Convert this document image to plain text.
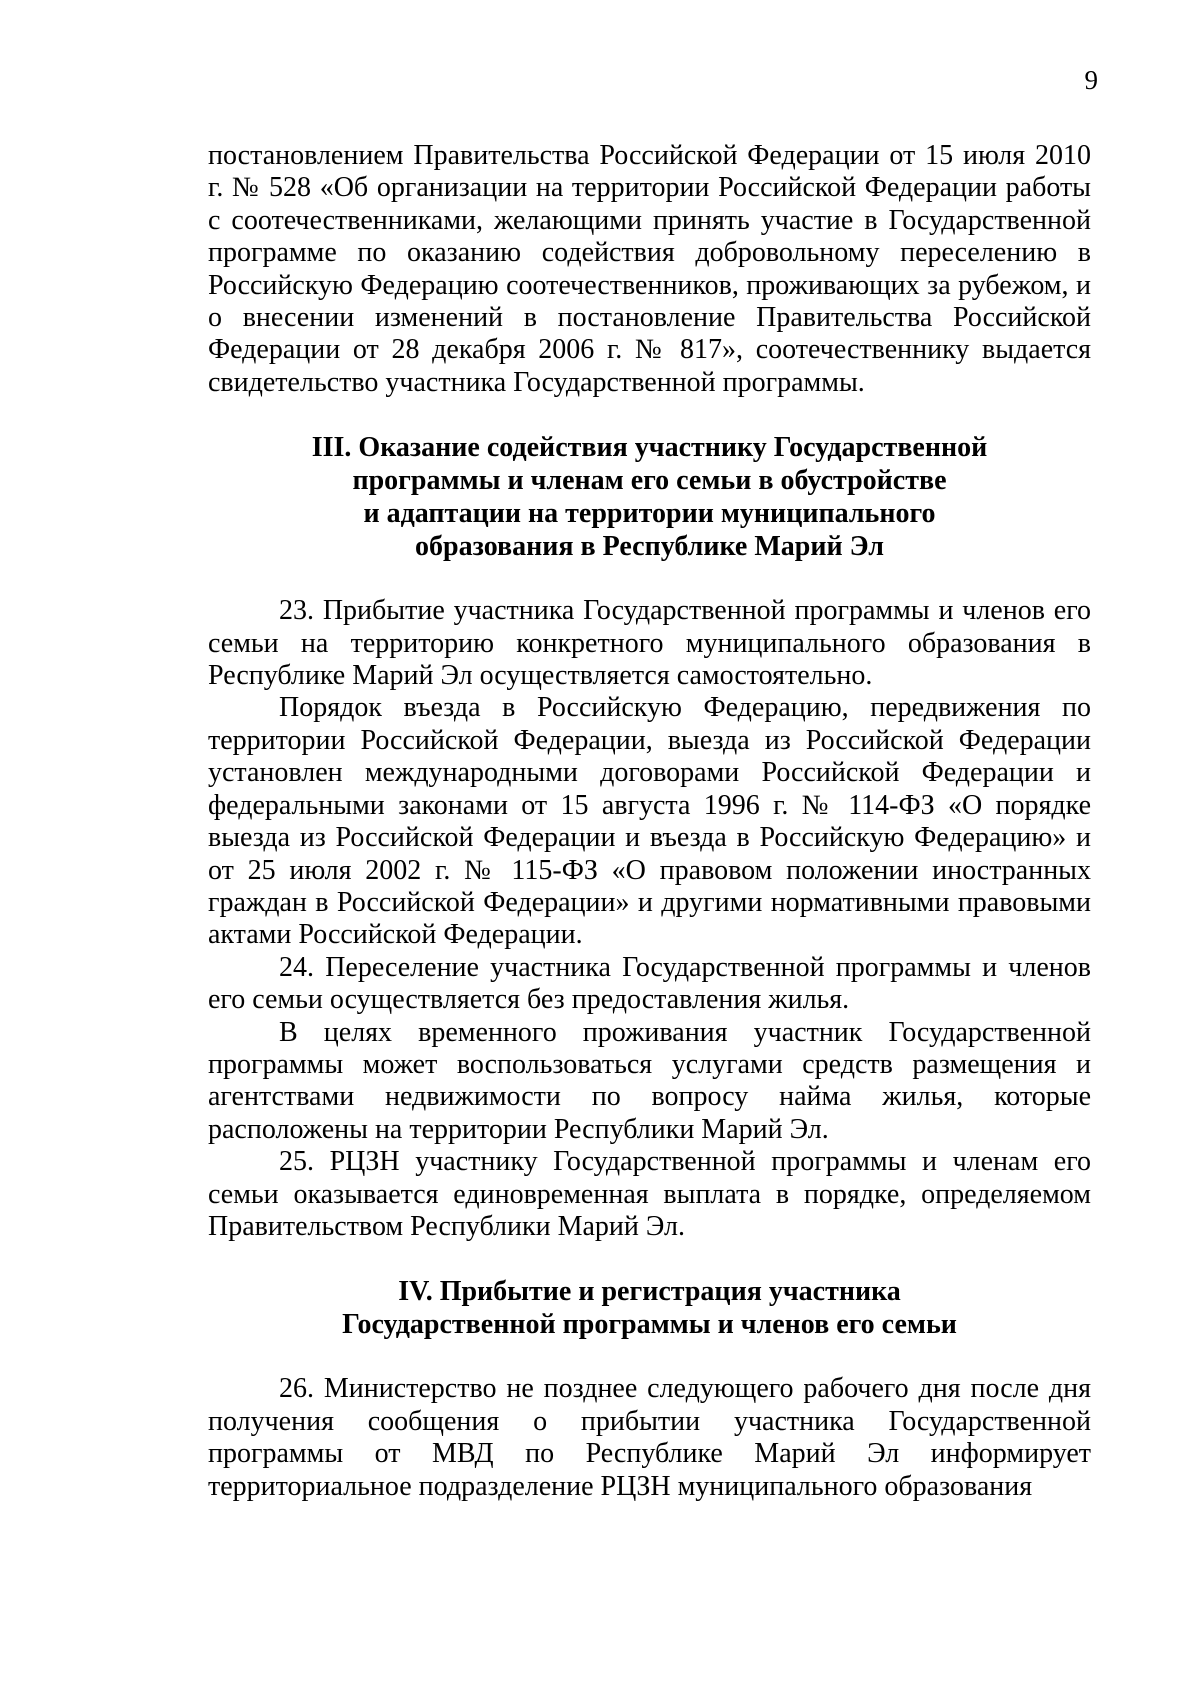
9

постановлением Правительства Российской Федерации от 15 июля 2010 г. № 528 «Об организации на территории Российской Федерации работы с соотечественниками, желающими принять участие в Государственной программе по оказанию содействия добровольному переселению в Российскую Федерацию соотечественников, проживающих за рубежом, и о внесении изменений в постановление Правительства Российской Федерации от 28 декабря 2006 г. № 817», соотечественнику выдается свидетельство участника Государственной программы.

III. Оказание содействия участнику Государственной
программы и членам его семьи в обустройстве
и адаптации на территории муниципального
образования в Республике Марий Эл

23. Прибытие участника Государственной программы и членов его семьи на территорию конкретного муниципального образования в Республике Марий Эл осуществляется самостоятельно.

Порядок въезда в Российскую Федерацию, передвижения по территории Российской Федерации, выезда из Российской Федерации установлен международными договорами Российской Федерации и федеральными законами от 15 августа 1996 г. № 114-ФЗ «О порядке выезда из Российской Федерации и въезда в Российскую Федерацию» и от 25 июля 2002 г. № 115-ФЗ «О правовом положении иностранных граждан в Российской Федерации» и другими нормативными правовыми актами Российской Федерации.

24. Переселение участника Государственной программы и членов его семьи осуществляется без предоставления жилья.

В целях временного проживания участник Государственной программы может воспользоваться услугами средств размещения и агентствами недвижимости по вопросу найма жилья, которые расположены на территории Республики Марий Эл.

25. РЦЗН участнику Государственной программы и членам его семьи оказывается единовременная выплата в порядке, определяемом Правительством Республики Марий Эл.

IV. Прибытие и регистрация участника
Государственной программы и членов его семьи

26. Министерство не позднее следующего рабочего дня после дня получения сообщения о прибытии участника Государственной программы от МВД по Республике Марий Эл информирует территориальное подразделение РЦЗН муниципального образования
